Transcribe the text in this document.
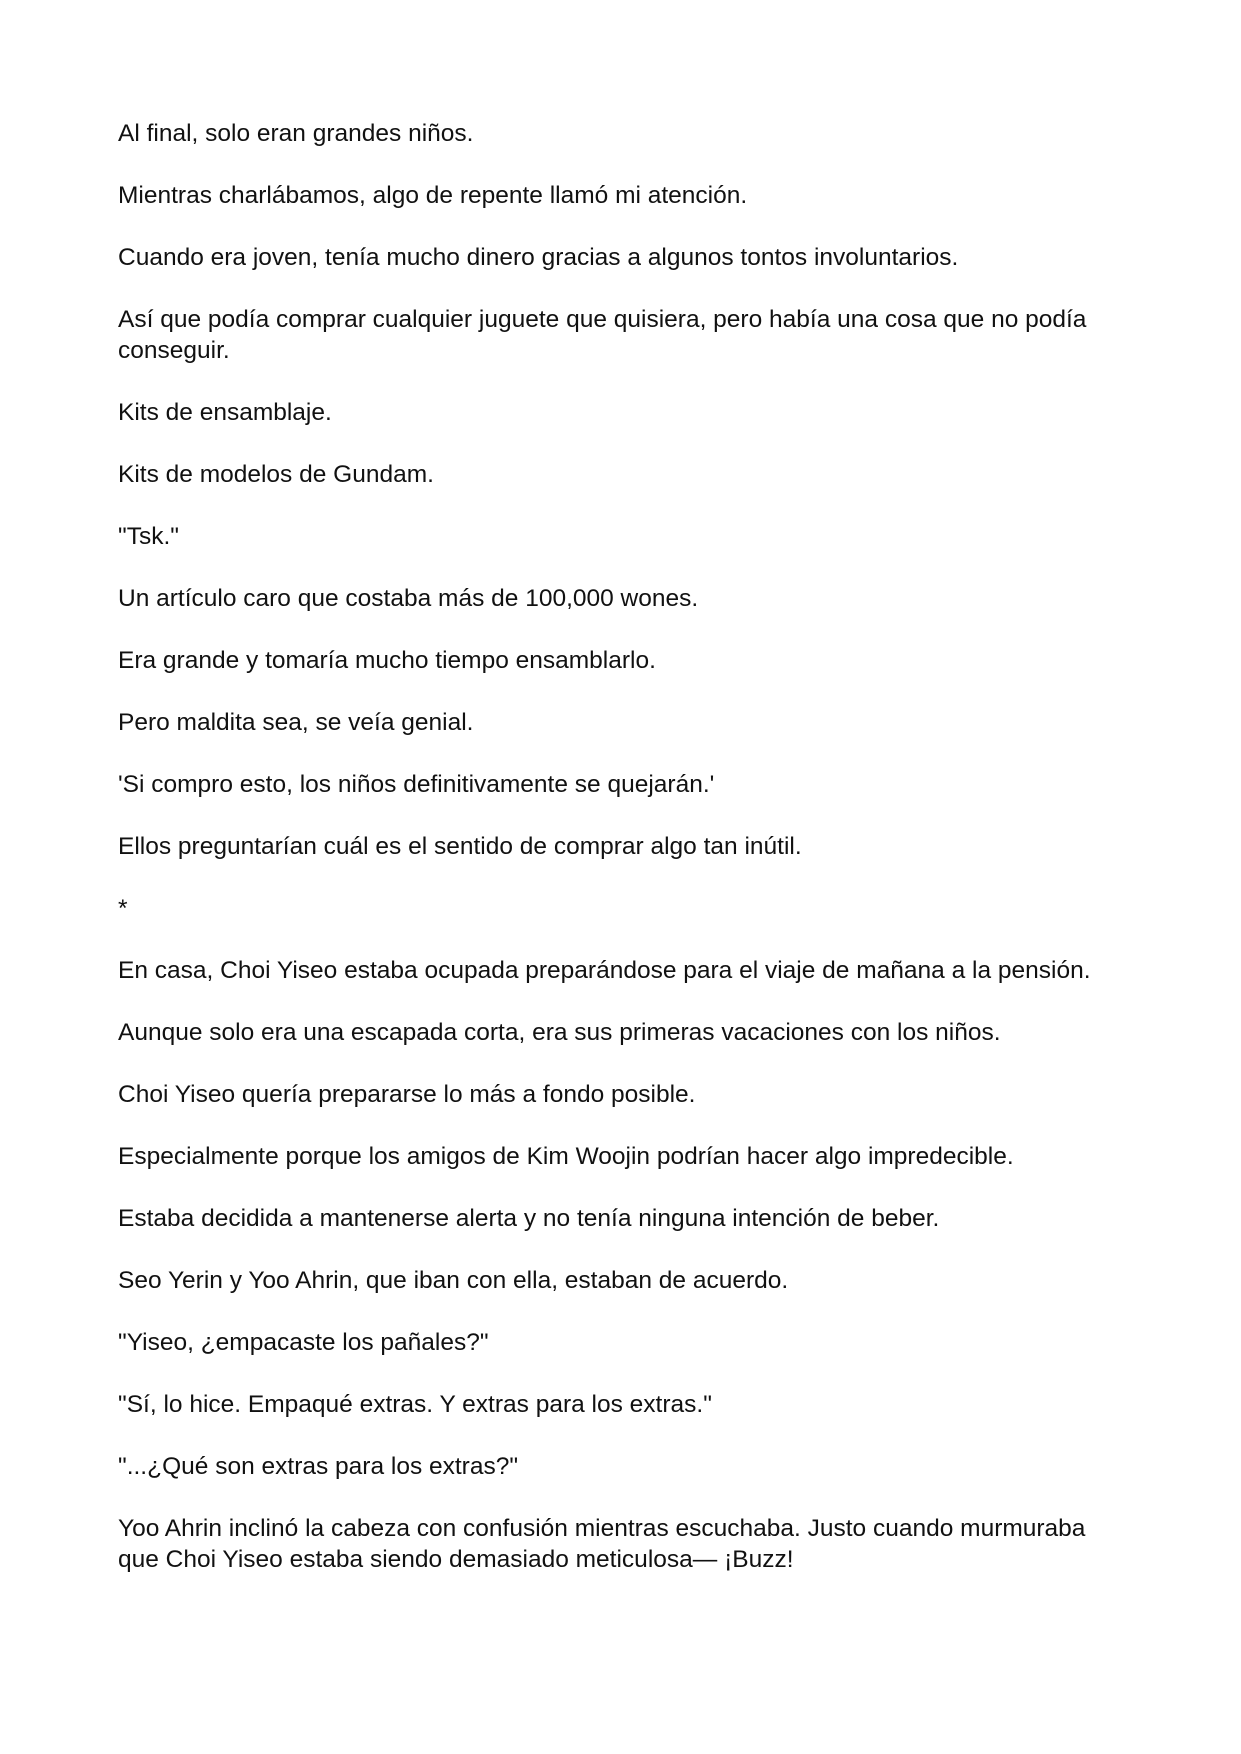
Al final, solo eran grandes niños.

Mientras charlábamos, algo de repente llamó mi atención.

Cuando era joven, tenía mucho dinero gracias a algunos tontos involuntarios.

Así que podía comprar cualquier juguete que quisiera, pero había una cosa que no podía conseguir.

Kits de ensamblaje.

Kits de modelos de Gundam.

"Tsk."

Un artículo caro que costaba más de 100,000 wones.

Era grande y tomaría mucho tiempo ensamblarlo.

Pero maldita sea, se veía genial.

'Si compro esto, los niños definitivamente se quejarán.'

Ellos preguntarían cuál es el sentido de comprar algo tan inútil.

*

En casa, Choi Yiseo estaba ocupada preparándose para el viaje de mañana a la pensión.

Aunque solo era una escapada corta, era sus primeras vacaciones con los niños.

Choi Yiseo quería prepararse lo más a fondo posible.

Especialmente porque los amigos de Kim Woojin podrían hacer algo impredecible.

Estaba decidida a mantenerse alerta y no tenía ninguna intención de beber.

Seo Yerin y Yoo Ahrin, que iban con ella, estaban de acuerdo.

"Yiseo, ¿empacaste los pañales?"

"Sí, lo hice. Empaqué extras. Y extras para los extras."

"...¿Qué son extras para los extras?"

Yoo Ahrin inclinó la cabeza con confusión mientras escuchaba. Justo cuando murmuraba que Choi Yiseo estaba siendo demasiado meticulosa— ¡Buzz!
